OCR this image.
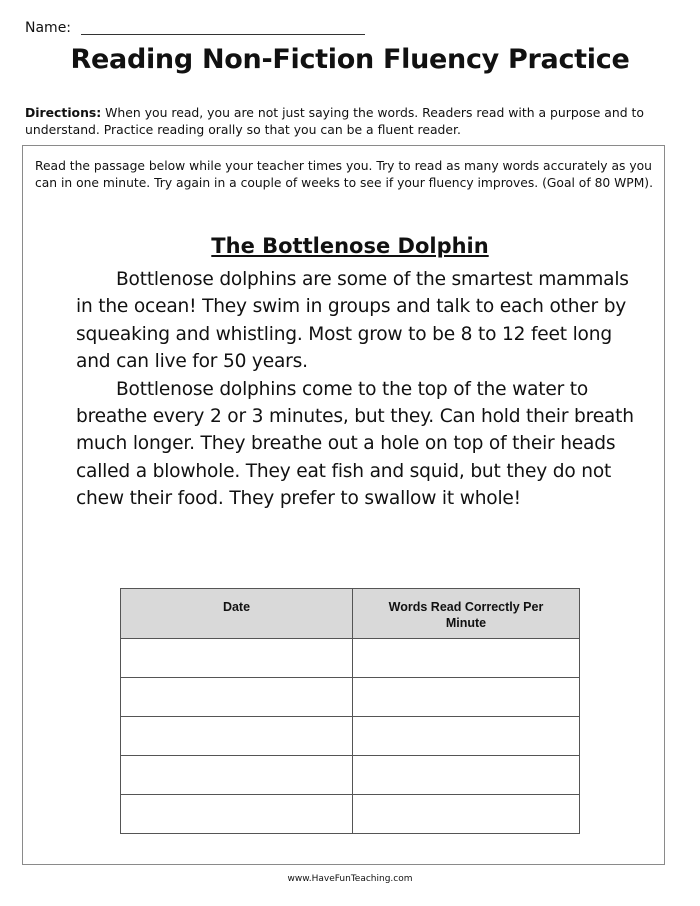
Name:
Reading Non-Fiction Fluency Practice

Directions: When you read, you are not just saying the words. Readers read with a purpose and to understand. Practice reading orally so that you can be a fluent reader.

Read the passage below while your teacher times you. Try to read as many words accurately as you can in one minute. Try again in a couple of weeks to see if your fluency improves. (Goal of 80 WPM).

The Bottlenose Dolphin

Bottlenose dolphins are some of the smartest mammals in the ocean! They swim in groups and talk to each other by squeaking and whistling. Most grow to be 8 to 12 feet long and can live for 50 years.

Bottlenose dolphins come to the top of the water to breathe every 2 or 3 minutes, but they. Can hold their breath much longer. They breathe out a hole on top of their heads called a blowhole. They eat fish and squid, but they do not chew their food. They prefer to swallow it whole!

Date	Words Read Correctly Per Minute

www.HaveFunTeaching.com
